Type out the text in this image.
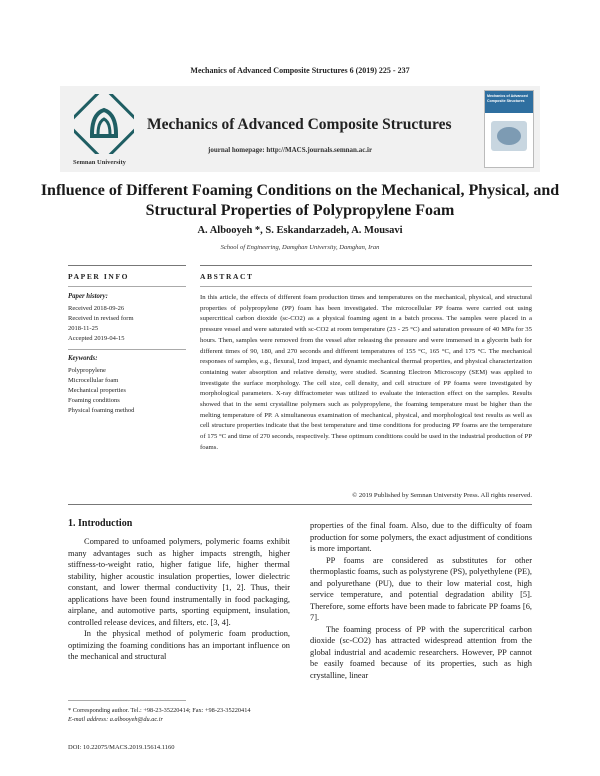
Mechanics of Advanced Composite Structures 6 (2019) 225 - 237
Semnan University
Mechanics of Advanced Composite Structures
journal homepage: http://MACS.journals.semnan.ac.ir
Mechanics of Advanced Composite Structures
Influence of Different Foaming Conditions on the Mechanical, Physical, and Structural Properties of Polypropylene Foam
A. Albooyeh *, S. Eskandarzadeh, A. Mousavi
School of Engineering, Damghan University, Damghan, Iran
PAPER INFO	ABSTRACT
Paper history:
Received 2018-09-26
Received in revised form
2018-11-25
Accepted 2019-04-15
Keywords:
Polypropylene
Microcellular foam
Mechanical properties
Foaming conditions
Physical foaming method
In this article, the effects of different foam production times and temperatures on the mechanical, physical, and structural properties of polypropylene (PP) foam has been investigated. The microcellular PP foams were carried out using supercritical carbon dioxide (sc-CO2) as a physical foaming agent in a batch process. The samples were placed in a pressure vessel and were saturated with sc-CO2 at room temperature (23 - 25 °C) and saturation pressure of 40 MPa for 35 hours. Then, samples were removed from the vessel after releasing the pressure and were immersed in a glycerin bath for different times of 90, 180, and 270 seconds and different temperatures of 155 °C, 165 °C, and 175 °C. The mechanical responses of samples, e.g., flexural, Izod impact, and dynamic mechanical thermal properties, and physical characterization containing water absorption and relative density, were studied. Scanning Electron Microscopy (SEM) was applied to investigate the surface morphology. The cell size, cell density, and cell structure of PP foams were investigated by morphological parameters. X-ray diffractometer was utilized to evaluate the interaction effect on the samples. Results showed that in the semi crystalline polymers such as polypropylene, the foaming temperature must be higher than the melting temperature of PP. A simultaneous examination of mechanical, physical, and morphological test results as well as cell structure properties indicate that the best temperature and time conditions for producing PP foams are the temperature of 175 °C and time of 270 seconds, respectively. These optimum conditions could be used in the industrial production of PP foams.
© 2019 Published by Semnan University Press. All rights reserved.
1. Introduction

Compared to unfoamed polymers, polymeric foams exhibit many advantages such as higher impacts strength, higher stiffness-to-weight ratio, higher fatigue life, higher thermal stability, higher acoustic insulation properties, lower dielectric constant, and lower thermal conductivity [1, 2]. Thus, their applications have been found instrumentally in food packaging, airplane, and automotive parts, sporting equipment, insulation, controlled release devices, and filters, etc. [3, 4].

In the physical method of polymeric foam production, optimizing the foaming conditions has an important influence on the mechanical and structural

properties of the final foam. Also, due to the difficulty of foam production for some polymers, the exact adjustment of conditions is more important.

PP foams are considered as substitutes for other thermoplastic foams, such as polystyrene (PS), polyethylene (PE), and polyurethane (PU), due to their low material cost, high service temperature, and potential degradation ability [5]. Therefore, some efforts have been made to fabricate PP foams [6, 7].

The foaming process of PP with the supercritical carbon dioxide (sc-CO2) has attracted widespread attention from the global industrial and academic researchers. However, PP cannot be easily foamed because of its properties, such as high crystalline, linear

* Corresponding author. Tel.: +98-23-35220414; Fax: +98-23-35220414
E-mail address: a.albooyeh@du.ac.ir
DOI: 10.22075/MACS.2019.15614.1160
